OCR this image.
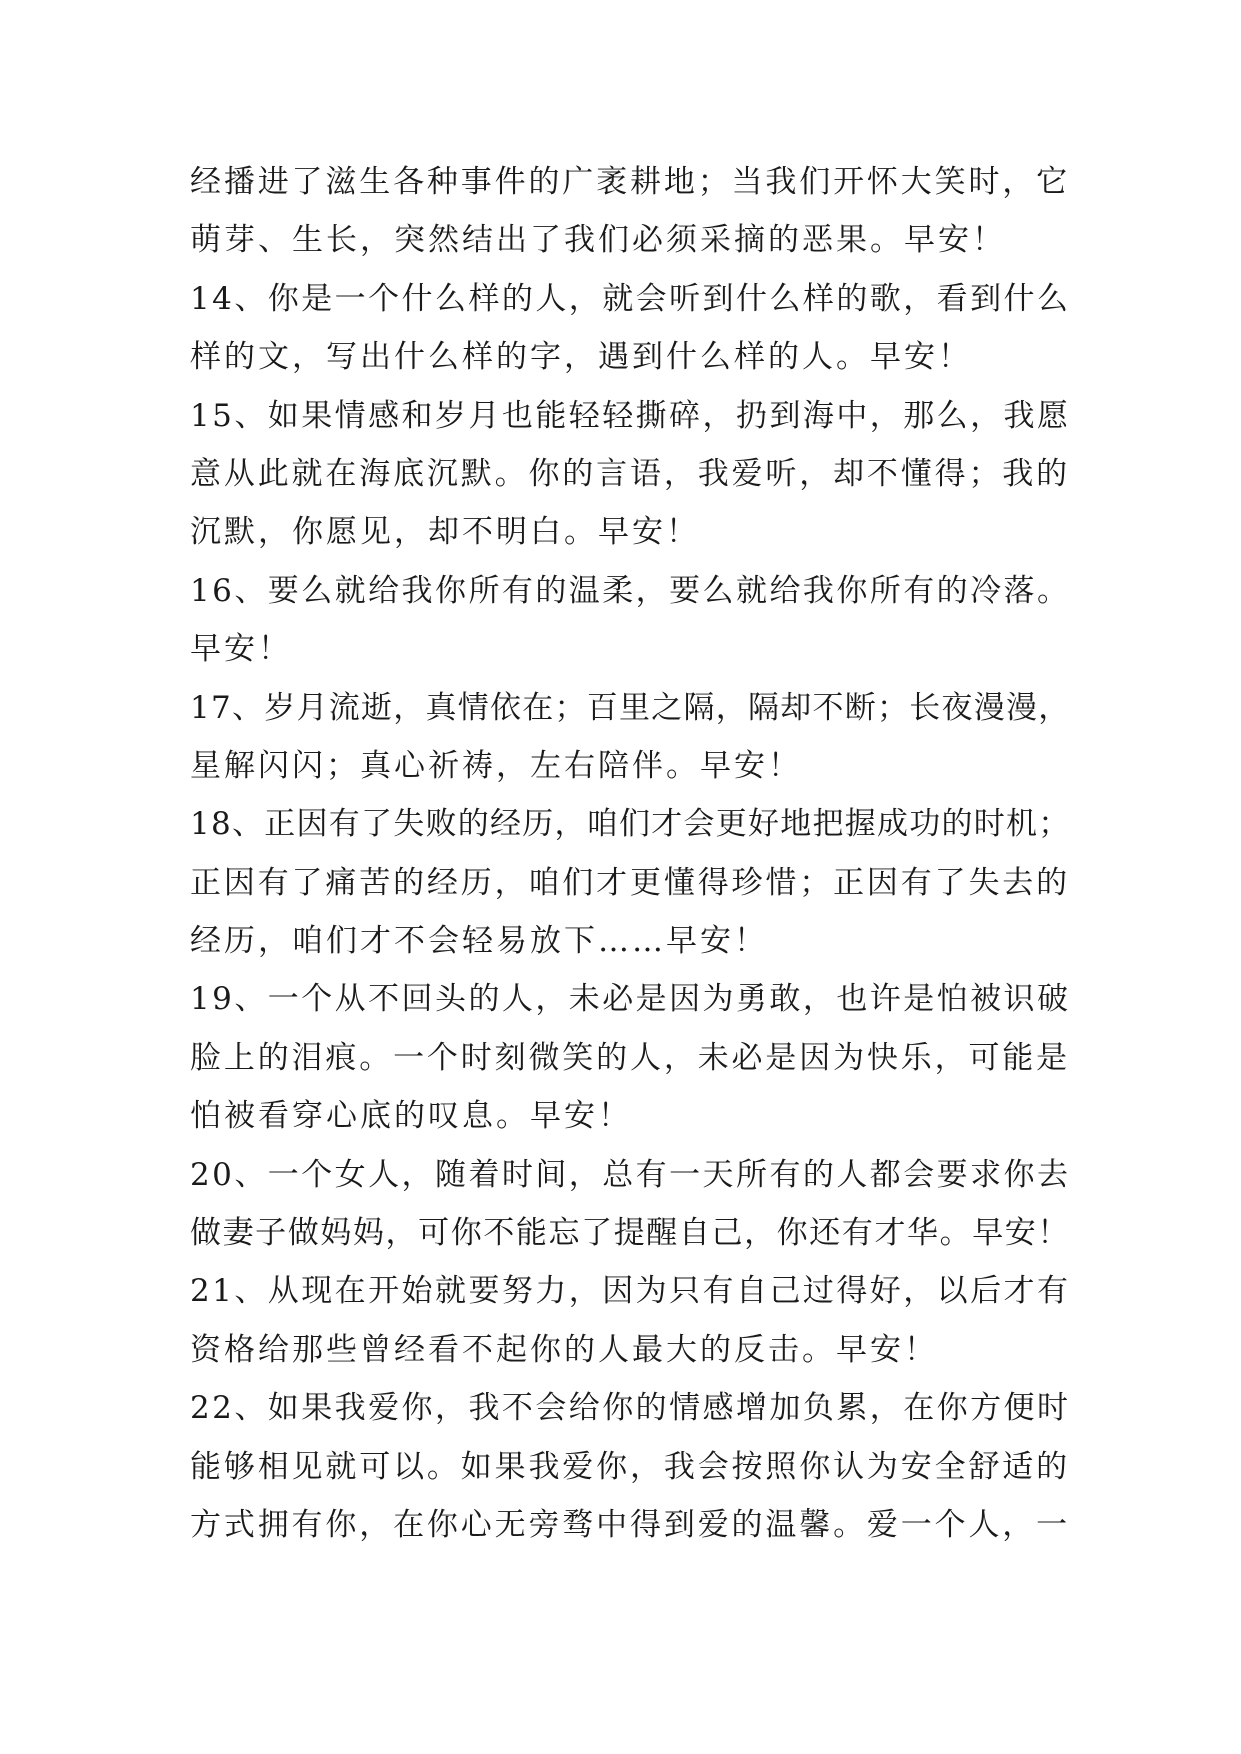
经播进了滋生各种事件的广袤耕地；当我们开怀大笑时，它
萌芽、生长，突然结出了我们必须采摘的恶果。早安！
14、你是一个什么样的人，就会听到什么样的歌，看到什么
样的文，写出什么样的字，遇到什么样的人。早安！
15、如果情感和岁月也能轻轻撕碎，扔到海中，那么，我愿
意从此就在海底沉默。你的言语，我爱听，却不懂得；我的
沉默，你愿见，却不明白。早安！
16、要么就给我你所有的温柔，要么就给我你所有的冷落。
早安！
17、岁月流逝，真情依在；百里之隔，隔却不断；长夜漫漫，
星解闪闪；真心祈祷，左右陪伴。早安！
18、正因有了失败的经历，咱们才会更好地把握成功的时机；
正因有了痛苦的经历，咱们才更懂得珍惜；正因有了失去的
经历，咱们才不会轻易放下……早安！
19、一个从不回头的人，未必是因为勇敢，也许是怕被识破
脸上的泪痕。一个时刻微笑的人，未必是因为快乐，可能是
怕被看穿心底的叹息。早安！
20、一个女人，随着时间，总有一天所有的人都会要求你去
做妻子做妈妈，可你不能忘了提醒自己，你还有才华。早安！
21、从现在开始就要努力，因为只有自己过得好，以后才有
资格给那些曾经看不起你的人最大的反击。早安！
22、如果我爱你，我不会给你的情感增加负累，在你方便时
能够相见就可以。如果我爱你，我会按照你认为安全舒适的
方式拥有你，在你心无旁骛中得到爱的温馨。爱一个人，一
